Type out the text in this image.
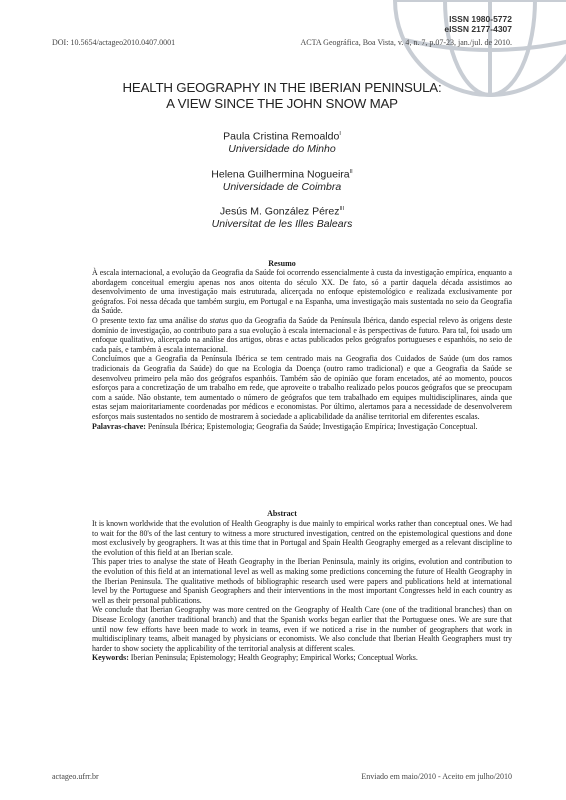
ISSN 1980-5772
eISSN 2177-4307
DOI: 10.5654/actageo2010.0407.0001	ACTA Geográfica, Boa Vista, v. 4, n. 7, p.07-23, jan./jul. de 2010.
HEALTH GEOGRAPHY IN THE IBERIAN PENINSULA:
A VIEW SINCE THE JOHN SNOW MAP
Paula Cristina Remoaldo$^I$
Universidade do Minho
Helena Guilhermina Nogueira$^{II}$
Universidade de Coimbra
Jesús M. González Pérez$^{III}$
Universitat de les Illes Balears
Resumo

À escala internacional, a evolução da Geografia da Saúde foi ocorrendo essencialmente à custa da investigação empírica, enquanto a abordagem conceitual emergiu apenas nos anos oitenta do século XX. De fato, só a partir daquela década assistimos ao desenvolvimento de uma investigação mais estruturada, alicerçada no enfoque epistemológico e realizada exclusivamente por geógrafos. Foi nessa década que também surgiu, em Portugal e na Espanha, uma investigação mais sustentada no seio da Geografia da Saúde.

O presente texto faz uma análise do status quo da Geografia da Saúde da Península Ibérica, dando especial relevo às origens deste domínio de investigação, ao contributo para a sua evolução à escala internacional e às perspectivas de futuro. Para tal, foi usado um enfoque qualitativo, alicerçado na análise dos artigos, obras e actas publicados pelos geógrafos portugueses e espanhóis, no seio de cada país, e também à escala internacional.

Concluímos que a Geografia da Península Ibérica se tem centrado mais na Geografia dos Cuidados de Saúde (um dos ramos tradicionais da Geografia da Saúde) do que na Ecologia da Doença (outro ramo tradicional) e que a Geografia da Saúde se desenvolveu primeiro pela mão dos geógrafos espanhóis. Também são de opinião que foram encetados, até ao momento, poucos esforços para a concretização de um trabalho em rede, que aproveite o trabalho realizado pelos poucos geógrafos que se preocupam com a saúde. Não obstante, tem aumentado o número de geógrafos que tem trabalhado em equipes multidisciplinares, ainda que estas sejam maioritariamente coordenadas por médicos e economistas. Por último, alertamos para a necessidade de desenvolverem esforços mais sustentados no sentido de mostrarem à sociedade a aplicabilidade da análise territorial em diferentes escalas.

Palavras-chave: Península Ibérica; Epistemologia; Geografia da Saúde; Investigação Empírica; Investigação Conceptual.

Abstract

It is known worldwide that the evolution of Health Geography is due mainly to empirical works rather than conceptual ones. We had to wait for the 80's of the last century to witness a more structured investigation, centred on the epistemological questions and done most exclusively by geographers. It was at this time that in Portugal and Spain Health Geography emerged as a relevant discipline to the evolution of this field at an Iberian scale.

This paper tries to analyse the state of Heath Geography in the Iberian Peninsula, mainly its origins, evolution and contribution to the evolution of this field at an international level as well as making some predictions concerning the future of Health Geography in the Iberian Peninsula. The qualitative methods of bibliographic research used were papers and publications held at international level by the Portuguese and Spanish Geographers and their interventions in the most important Congresses held in each country as well as their personal publications.

We conclude that Iberian Geography was more centred on the Geography of Health Care (one of the traditional branches) than on Disease Ecology (another traditional branch) and that the Spanish works began earlier that the Portuguese ones. We are sure that until now few efforts have been made to work in teams, even if we noticed a rise in the number of geographers that work in multidisciplinary teams, albeit managed by physicians or economists. We also conclude that Iberian Health Geographers must try harder to show society the applicability of the territorial analysis at different scales.

Keywords: Iberian Peninsula; Epistemology; Health Geography; Empirical Works; Conceptual Works.

actageo.ufrr.br	Enviado em maio/2010 - Aceito em julho/2010
